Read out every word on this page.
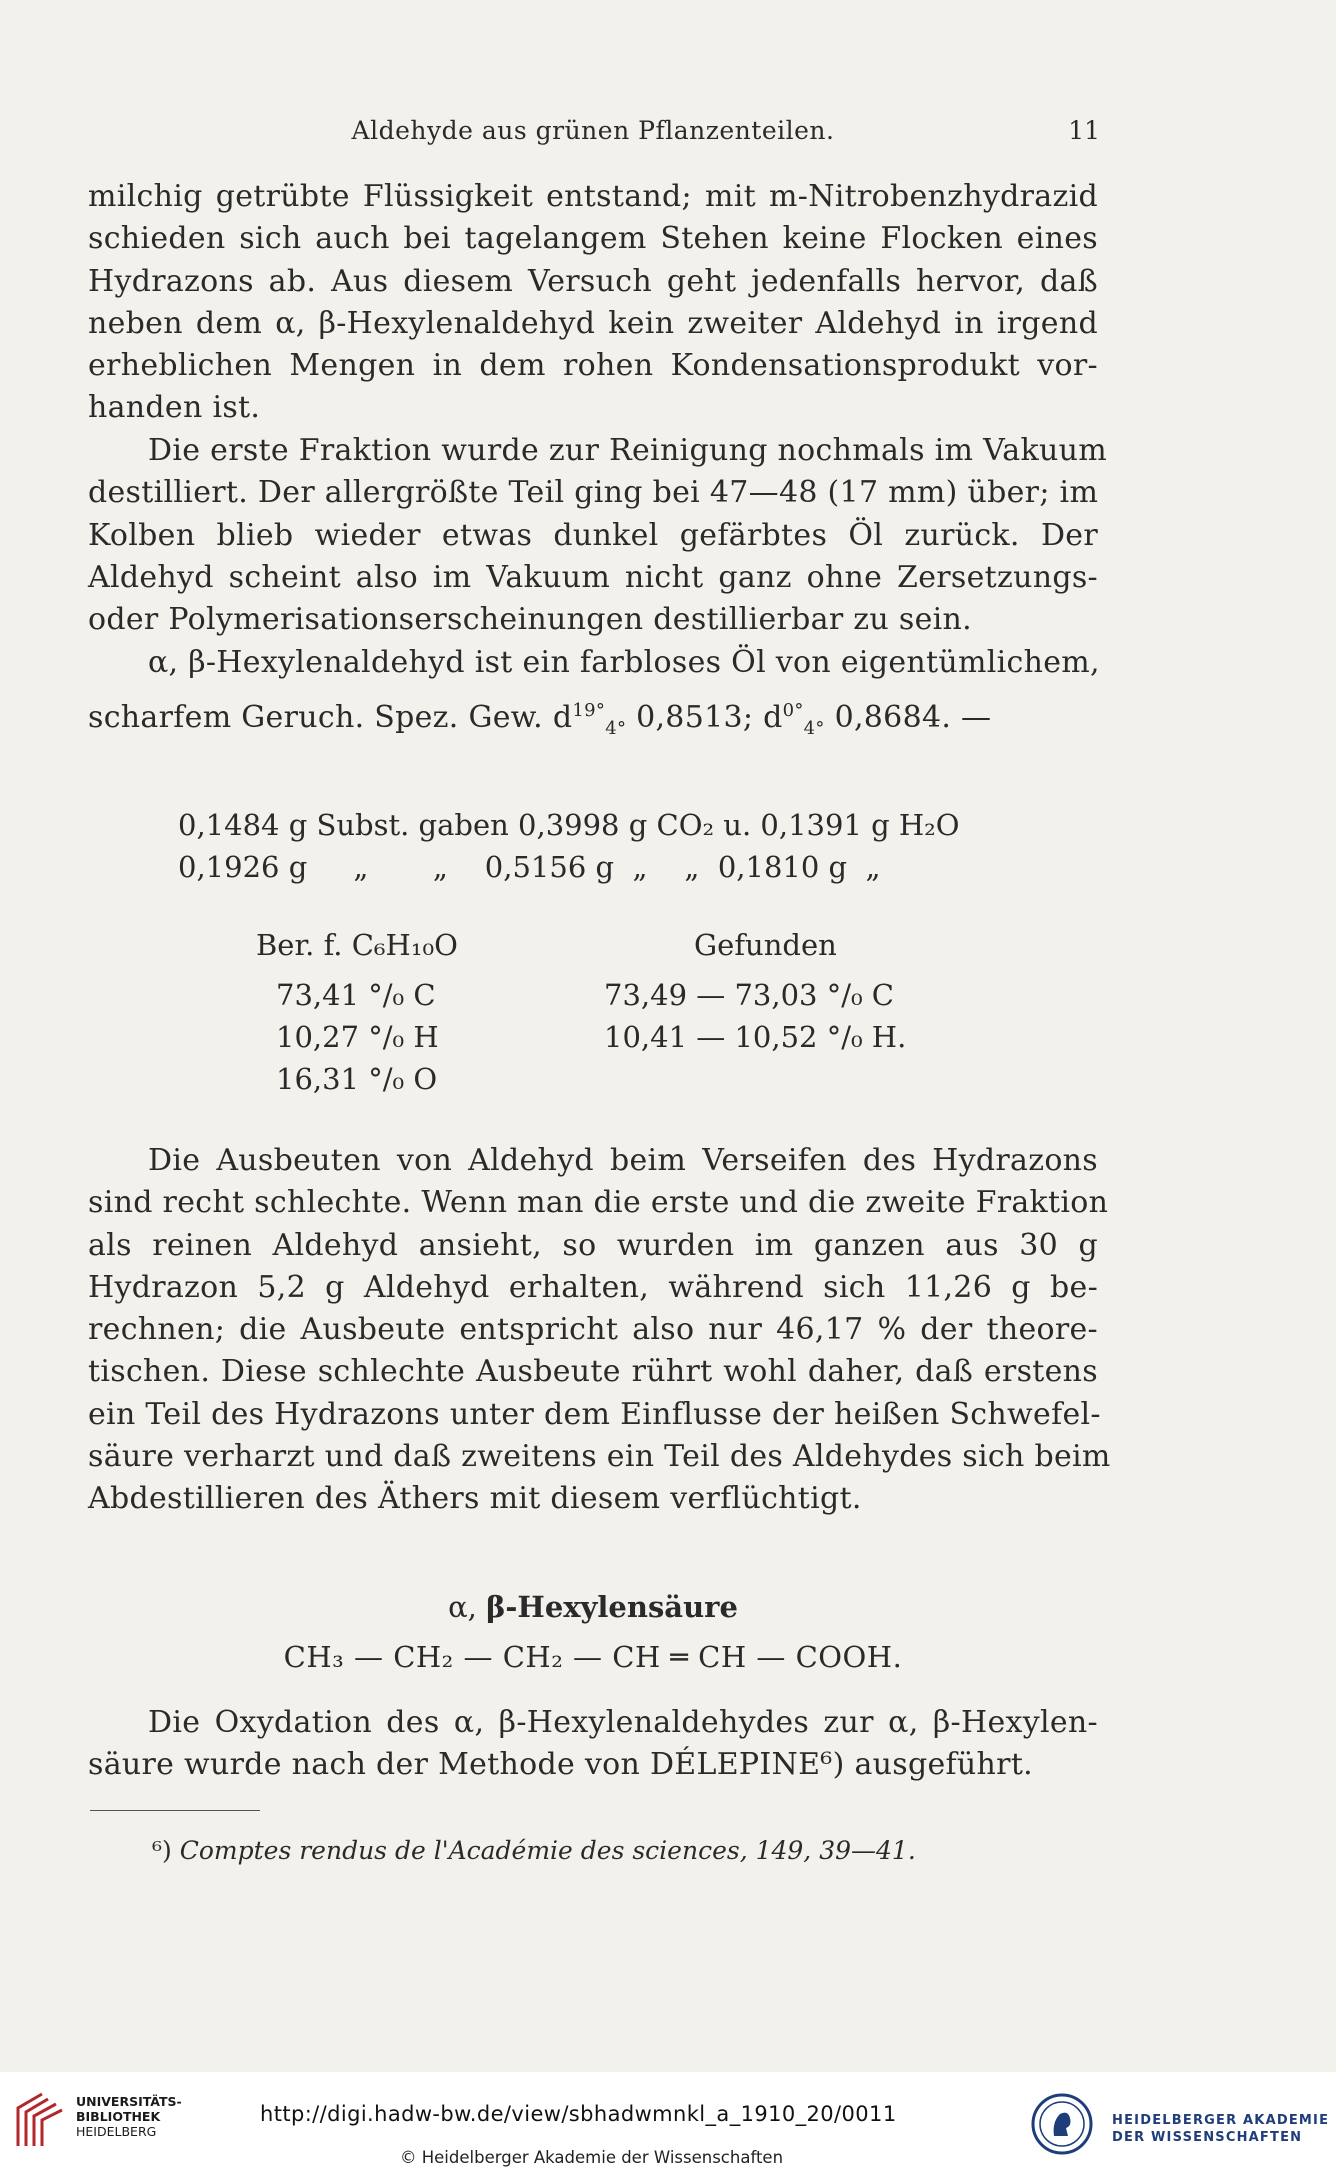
Aldehyde aus grünen Pflanzenteilen.	11
milchig getrübte Flüssigkeit entstand; mit m-Nitrobenzhydrazid
schieden sich auch bei tagelangem Stehen keine Flocken eines
Hydrazons ab. Aus diesem Versuch geht jedenfalls hervor, daß
neben dem α, β-Hexylenaldehyd kein zweiter Aldehyd in irgend
erheblichen Mengen in dem rohen Kondensationsprodukt vor-
handen ist.
Die erste Fraktion wurde zur Reinigung nochmals im Vakuum
destilliert. Der allergrößte Teil ging bei 47—48 (17 mm) über; im
Kolben blieb wieder etwas dunkel gefärbtes Öl zurück. Der
Aldehyd scheint also im Vakuum nicht ganz ohne Zersetzungs-
oder Polymerisationserscheinungen destillierbar zu sein.
α, β-Hexylenaldehyd ist ein farbloses Öl von eigentümlichem,
scharfem Geruch. Spez. Gew. $d^{19^\circ}_{4^\circ}$ 0,8513; $d^{0^\circ}_{4^\circ}$ 0,8684. —
0,1484 g Subst. gaben 0,3998 g CO₂ u. 0,1391 g H₂O
0,1926 g     „       „    0,5156 g  „    „  0,1810 g  „
Ber. f. C₆H₁₀O	Gefunden
73,41 °/₀ C
10,27 °/₀ H
16,31 °/₀ O
73,49 — 73,03 °/₀ C
10,41 — 10,52 °/₀ H.
Die Ausbeuten von Aldehyd beim Verseifen des Hydrazons
sind recht schlechte. Wenn man die erste und die zweite Fraktion
als reinen Aldehyd ansieht, so wurden im ganzen aus 30 g
Hydrazon 5,2 g Aldehyd erhalten, während sich 11,26 g be-
rechnen; die Ausbeute entspricht also nur 46,17 % der theore-
tischen. Diese schlechte Ausbeute rührt wohl daher, daß erstens
ein Teil des Hydrazons unter dem Einflusse der heißen Schwefel-
säure verharzt und daß zweitens ein Teil des Aldehydes sich beim
Abdestillieren des Äthers mit diesem verflüchtigt.
α, β-Hexylensäure
CH₃ — CH₂ — CH₂ — CH ═ CH — COOH.
Die Oxydation des α, β-Hexylenaldehydes zur α, β-Hexylen-
säure wurde nach der Methode von DÉLEPINE⁶) ausgeführt.
⁶) Comptes rendus de l'Académie des sciences, 149, 39—41.
UNIVERSITÄTS-
BIBLIOTHEK
HEIDELBERG
http://digi.hadw-bw.de/view/sbhadwmnkl_a_1910_20/0011
© Heidelberger Akademie der Wissenschaften
HEIDELBERGER AKADEMIE
DER WISSENSCHAFTEN
